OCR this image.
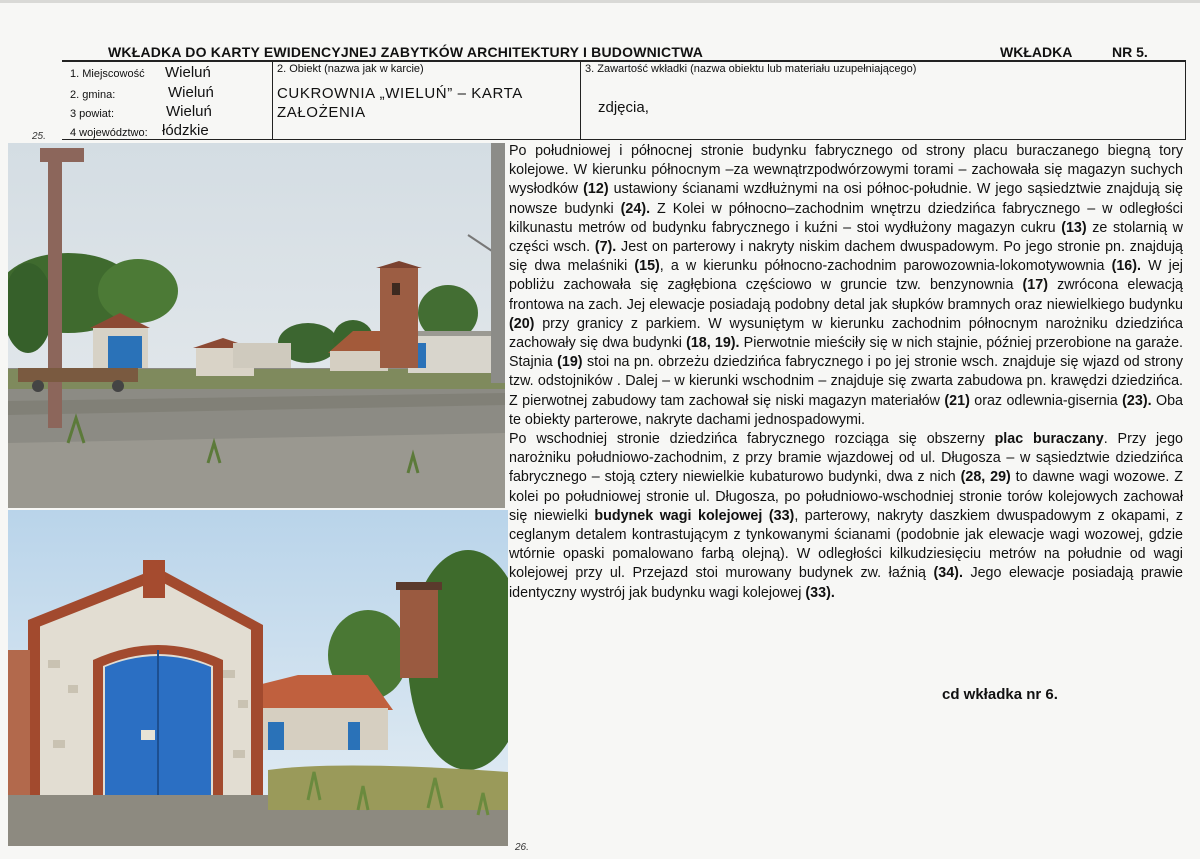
WKŁADKA DO KARTY EWIDENCYJNEJ ZABYTKÓW ARCHITEKTURY I BUDOWNICTWA	WKŁADKA	NR 5.
1. Miejscowość Wieluń
2. gmina:	Wieluń
3 powiat:	Wieluń
4 województwo: łódzkie
2. Obiekt (nazwa jak w karcie)
CUKROWNIA „WIELUŃ” – KARTA ZAŁOŻENIA
3. Zawartość wkładki (nazwa obiektu lub materiału uzupełniającego)
zdjęcia,
25.
26.

Po południowej i północnej stronie budynku fabrycznego od strony placu buraczanego biegną tory kolejowe. W kierunku północnym –za wewnątrzpodwórzowymi torami – zachowała się magazyn suchych wysłodków (12) ustawiony ścianami wzdłużnymi na osi północ-południe. W jego sąsiedztwie znajdują się nowsze budynki (24). Z Kolei w północno–zachodnim wnętrzu dziedzińca fabrycznego – w odległości kilkunastu metrów od budynku fabrycznego i kuźni – stoi wydłużony magazyn cukru (13) ze stolarnią w części wsch. (7). Jest on parterowy i nakryty niskim dachem dwuspadowym. Po jego stronie pn. znajdują się dwa melaśniki (15), a w kierunku północno-zachodnim parowozownia-lokomotywownia (16). W jej pobliżu zachowała się zagłębiona częściowo w gruncie tzw. benzynownia (17) zwrócona elewacją frontowa na zach. Jej elewacje posiadają podobny detal jak słupków bramnych oraz niewielkiego budynku (20) przy granicy z parkiem. W wysuniętym w kierunku zachodnim północnym narożniku dziedzińca zachowały się dwa budynki (18, 19). Pierwotnie mieściły się w nich stajnie, później przerobione na garaże. Stajnia (19) stoi na pn. obrzeżu dziedzińca fabrycznego i po jej stronie wsch. znajduje się wjazd od strony tzw. odstojników . Dalej – w kierunki wschodnim – znajduje się zwarta zabudowa pn. krawędzi dziedzińca. Z pierwotnej zabudowy tam zachował się niski magazyn materiałów (21) oraz odlewnia-gisernia (23). Oba te obiekty parterowe, nakryte dachami jednospadowymi.

Po wschodniej stronie dziedzińca fabrycznego rozciąga się obszerny plac buraczany. Przy jego narożniku południowo-zachodnim, z przy bramie wjazdowej od ul. Długosza – w sąsiedztwie dziedzińca fabrycznego – stoją cztery niewielkie kubaturowo budynki, dwa z nich (28, 29) to dawne wagi wozowe. Z kolei po południowej stronie ul. Długosza, po południowo-wschodniej stronie torów kolejowych zachował się niewielki budynek wagi kolejowej (33), parterowy, nakryty daszkiem dwuspadowym z okapami, z ceglanym detalem kontrastującym z tynkowanymi ścianami (podobnie jak elewacje wagi wozowej, gdzie wtórnie opaski pomalowano farbą olejną). W odległości kilkudziesięciu metrów na południe od wagi kolejowej przy ul. Przejazd stoi murowany budynek zw. łaźnią (34). Jego elewacje posiadają prawie identyczny wystrój jak budynku wagi kolejowej (33).

cd wkładka nr 6.
